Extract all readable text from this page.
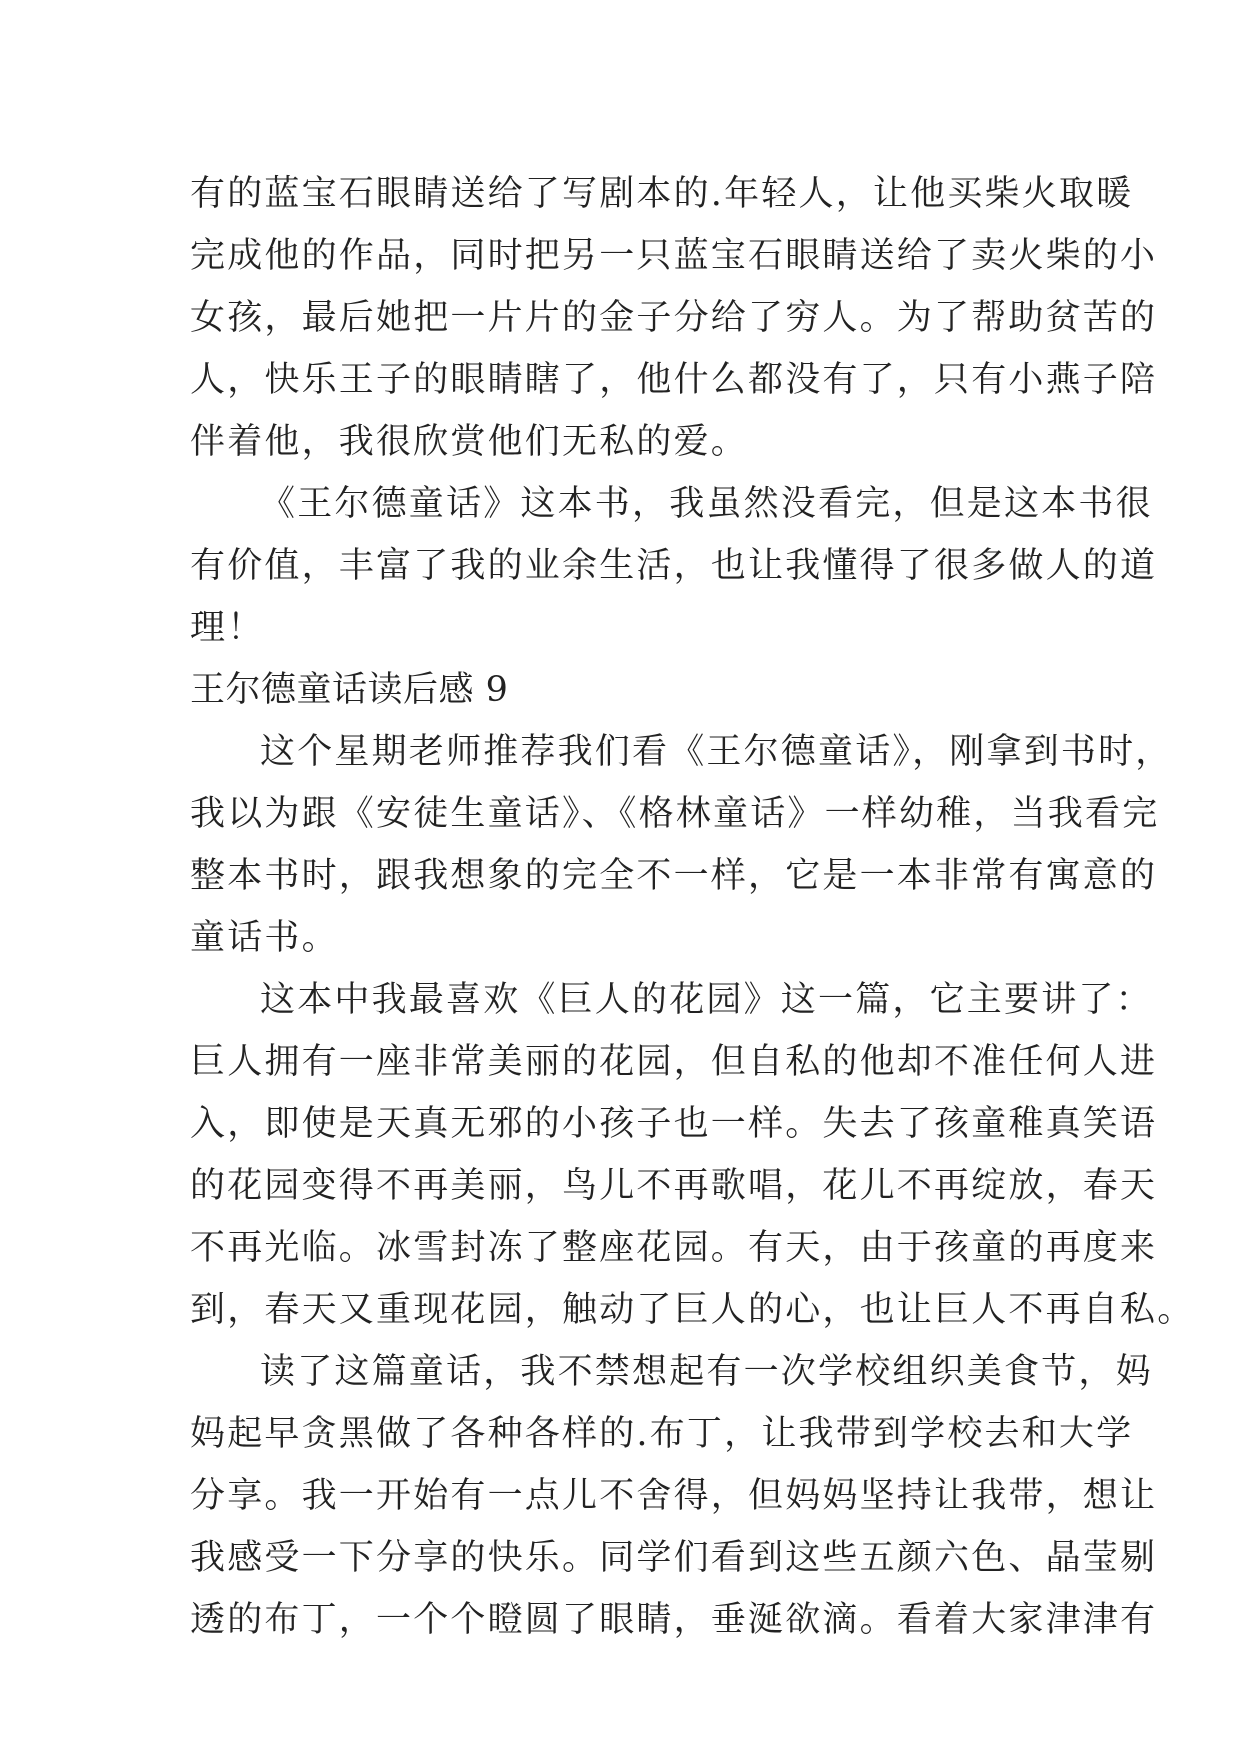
有的蓝宝石眼睛送给了写剧本的.年轻人，让他买柴火取暖
完成他的作品，同时把另一只蓝宝石眼睛送给了卖火柴的小
女孩，最后她把一片片的金子分给了穷人。为了帮助贫苦的
人，快乐王子的眼睛瞎了，他什么都没有了，只有小燕子陪
伴着他，我很欣赏他们无私的爱。
《王尔德童话》这本书，我虽然没看完，但是这本书很
有价值，丰富了我的业余生活，也让我懂得了很多做人的道
理！
王尔德童话读后感 9
这个星期老师推荐我们看《王尔德童话》，刚拿到书时，
我以为跟《安徒生童话》、《格林童话》一样幼稚，当我看完
整本书时，跟我想象的完全不一样，它是一本非常有寓意的
童话书。
这本中我最喜欢《巨人的花园》这一篇，它主要讲了：
巨人拥有一座非常美丽的花园，但自私的他却不准任何人进
入，即使是天真无邪的小孩子也一样。失去了孩童稚真笑语
的花园变得不再美丽，鸟儿不再歌唱，花儿不再绽放，春天
不再光临。冰雪封冻了整座花园。有天，由于孩童的再度来
到，春天又重现花园，触动了巨人的心，也让巨人不再自私。
读了这篇童话，我不禁想起有一次学校组织美食节，妈
妈起早贪黑做了各种各样的.布丁，让我带到学校去和大学
分享。我一开始有一点儿不舍得，但妈妈坚持让我带，想让
我感受一下分享的快乐。同学们看到这些五颜六色、晶莹剔
透的布丁，一个个瞪圆了眼睛，垂涎欲滴。看着大家津津有
